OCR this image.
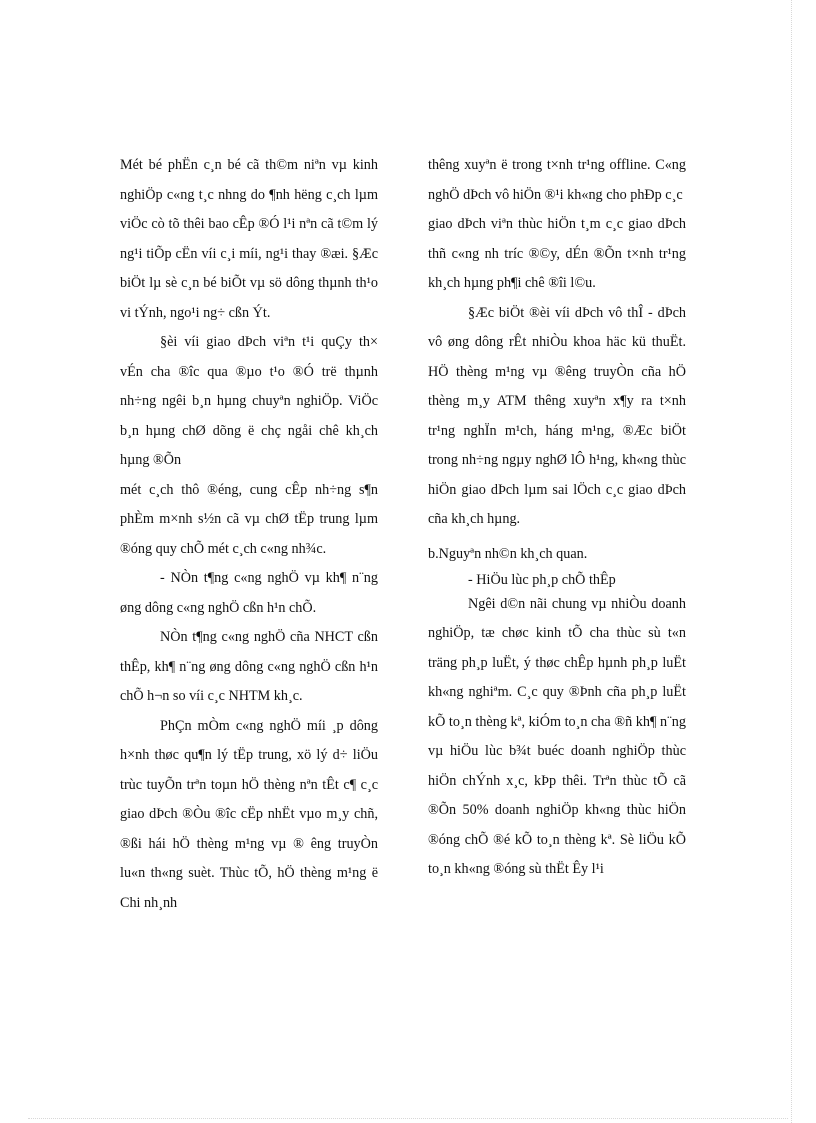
Mét bé phËn c¸n bé cã th©m niªn vµ kinh nghiÖp c«ng t¸c nhng do ¶nh hëng c¸ch lµm viÖc cò tõ thêi bao cÊp ®Ó l¹i nªn cã t©m lý ng¹i tiÕp cËn víi c¸i míi, ng¹i thay ®æi. §Æc biÖt lµ sè c¸n bé biÕt vµ sö dông thµnh th¹o vi tÝnh, ngo¹i ng÷ cßn Ýt.

§èi víi giao dÞch viªn t¹i quÇy th× vÉn cha ®îc qua ®µo t¹o ®Ó trë thµnh nh÷ng ngêi b¸n hµng chuyªn nghiÖp. ViÖc b¸n hµng chØ dõng ë chç ngåi chê kh¸ch hµng ®Õn

mét c¸ch thô ®éng, cung cÊp nh÷ng s¶n phÈm m×nh s½n cã vµ chØ tËp trung lµm ®óng quy chÕ mét c¸ch c«ng nh¾c.

- NÒn t¶ng c«ng nghÖ vµ kh¶ n¨ng øng dông c«ng nghÖ cßn h¹n chÕ.

NÒn t¶ng c«ng nghÖ cña NHCT cßn thÊp, kh¶ n¨ng øng dông c«ng nghÖ cßn h¹n chÕ h¬n so víi c¸c NHTM kh¸c.

PhÇn mÒm c«ng nghÖ míi ¸p dông h×nh thøc qu¶n lý tËp trung, xö lý d÷ liÖu trùc tuyÕn trªn toµn hÖ thèng nªn tÊt c¶ c¸c giao dÞch ®Òu ®îc cËp nhËt vµo m¸y chñ, ®ßi hái hÖ thèng m¹ng vµ ® êng truyÒn lu«n th«ng suèt. Thùc tÕ, hÖ thèng m¹ng ë Chi nh¸nh

thêng xuyªn ë trong t×nh tr¹ng offline. C«ng nghÖ dÞch vô hiÖn ®¹i kh«ng cho phÐp c¸c

giao dÞch viªn thùc hiÖn t¸m c¸c giao dÞch thñ c«ng nh tríc ®©y, dÉn ®Õn t×nh tr¹ng kh¸ch hµng ph¶i chê ®îi l©u.

§Æc biÖt ®èi víi dÞch vô thÎ - dÞch vô øng dông rÊt nhiÒu khoa häc kü thuËt. HÖ thèng m¹ng vµ ®êng truyÒn cña hÖ thèng m¸y ATM thêng xuyªn x¶y ra t×nh tr¹ng nghÏn m¹ch, háng m¹ng, ®Æc biÖt trong nh÷ng ngµy nghØ lÔ h¹ng, kh«ng thùc hiÖn giao dÞch lµm sai lÖch c¸c giao dÞch cña kh¸ch hµng.

b.Nguyªn nh©n kh¸ch quan.

- HiÖu lùc ph¸p chÕ thÊp

Ngêi d©n nãi chung vµ nhiÒu doanh nghiÖp, tæ chøc kinh tÕ cha thùc sù t«n träng ph¸p luËt, ý thøc chÊp hµnh ph¸p luËt kh«ng nghiªm. C¸c quy ®Þnh cña ph¸p luËt kÕ to¸n thèng kª, kiÓm to¸n cha ®ñ kh¶ n¨ng vµ hiÖu lùc b¾t buéc doanh nghiÖp thùc hiÖn chÝnh x¸c, kÞp thêi. Trªn thùc tÕ cã ®Õn 50% doanh nghiÖp kh«ng thùc hiÖn ®óng chÕ ®é kÕ to¸n thèng kª. Sè liÖu kÕ to¸n kh«ng ®óng sù thËt Êy l¹i
